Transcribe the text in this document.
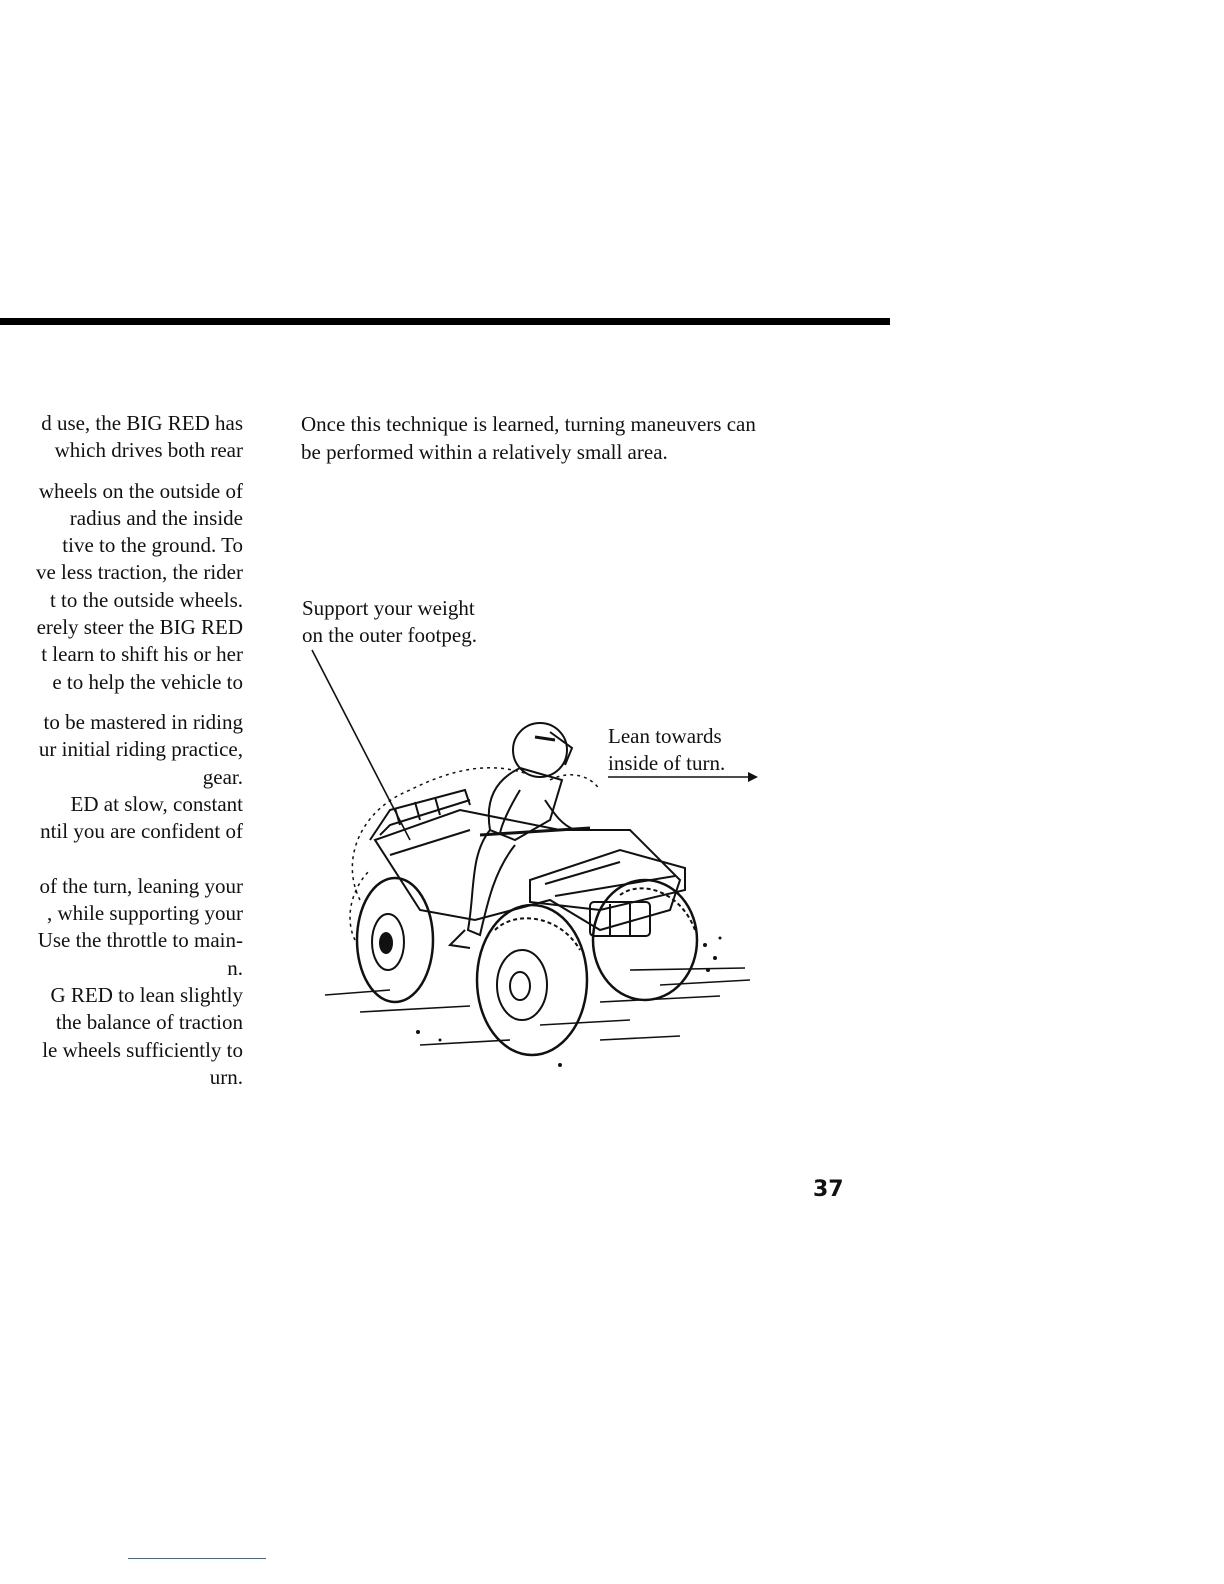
d use, the BIG RED has
which drives both rear
wheels on the outside of
radius and the inside
tive to the ground. To
ve less traction, the rider
t to the outside wheels.
erely steer the BIG RED
t learn to shift his or her
e to help the vehicle to
to be mastered in riding
ur initial riding practice,
gear.
ED at slow, constant
ntil you are confident of
of the turn, leaning your
, while supporting your
Use the throttle to main-
n.
G RED to lean slightly
the balance of traction
le wheels sufficiently to
urn.
Once this technique is learned, turning maneuvers can
be performed within a relatively small area.
Support your weight
on the outer footpeg.
Lean towards
inside of turn.
37
